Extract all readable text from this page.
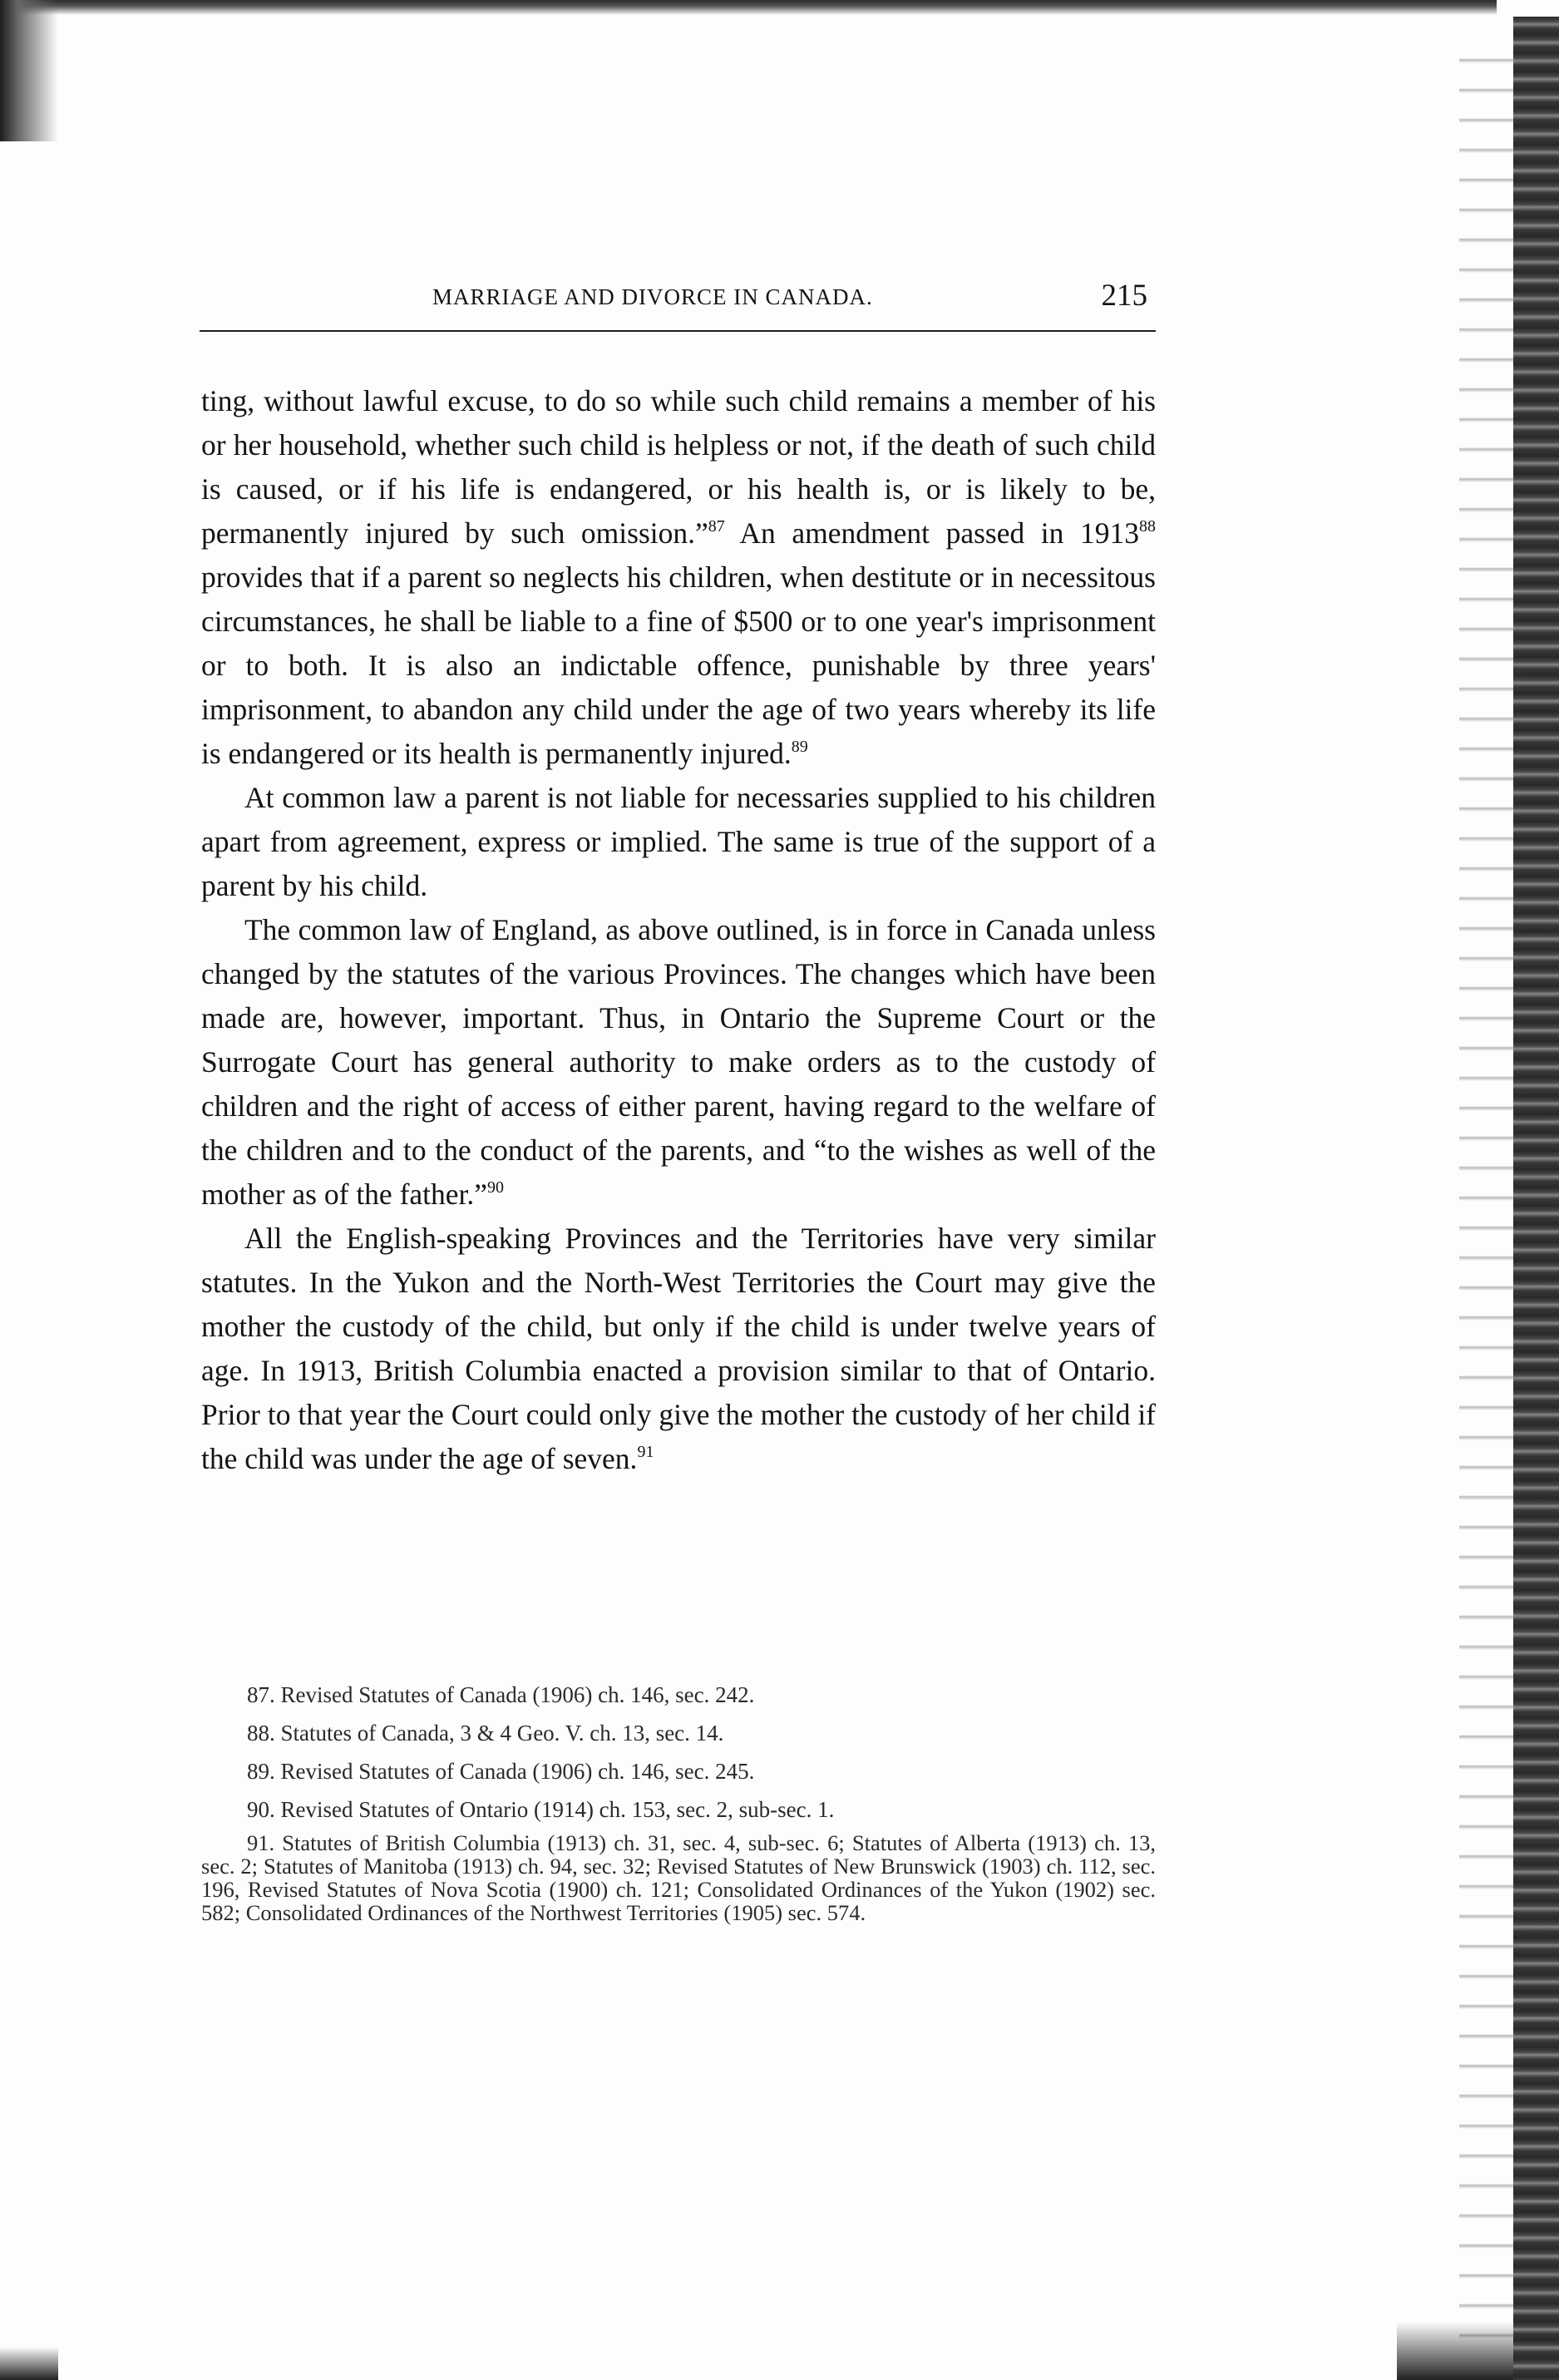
MARRIAGE AND DIVORCE IN CANADA.	215

ting, without lawful excuse, to do so while such child remains a member of his or her household, whether such child is helpless or not, if the death of such child is caused, or if his life is endangered, or his health is, or is likely to be, permanently injured by such omission.”$^{87}$ An amendment passed in 1913$^{88}$ provides that if a parent so neglects his children, when destitute or in necessitous circumstances, he shall be liable to a fine of $500 or to one year's imprisonment or to both. It is also an indictable offence, punishable by three years' imprisonment, to abandon any child under the age of two years whereby its life is endangered or its health is permanently injured.$^{89}$

At common law a parent is not liable for necessaries supplied to his children apart from agreement, express or implied. The same is true of the support of a parent by his child.

The common law of England, as above outlined, is in force in Canada unless changed by the statutes of the various Provinces. The changes which have been made are, however, important. Thus, in Ontario the Supreme Court or the Surrogate Court has general authority to make orders as to the custody of children and the right of access of either parent, having regard to the welfare of the children and to the conduct of the parents, and “to the wishes as well of the mother as of the father.”$^{90}$

All the English-speaking Provinces and the Territories have very similar statutes. In the Yukon and the North-West Territories the Court may give the mother the custody of the child, but only if the child is under twelve years of age. In 1913, British Columbia enacted a provision similar to that of Ontario. Prior to that year the Court could only give the mother the custody of her child if the child was under the age of seven.$^{91}$

87. Revised Statutes of Canada (1906) ch. 146, sec. 242.

88. Statutes of Canada, 3 & 4 Geo. V. ch. 13, sec. 14.

89. Revised Statutes of Canada (1906) ch. 146, sec. 245.

90. Revised Statutes of Ontario (1914) ch. 153, sec. 2, sub-sec. 1.

91. Statutes of British Columbia (1913) ch. 31, sec. 4, sub-sec. 6; Statutes of Alberta (1913) ch. 13, sec. 2; Statutes of Manitoba (1913) ch. 94, sec. 32; Revised Statutes of New Brunswick (1903) ch. 112, sec. 196, Revised Statutes of Nova Scotia (1900) ch. 121; Consolidated Ordinances of the Yukon (1902) sec. 582; Consolidated Ordinances of the Northwest Territories (1905) sec. 574.
